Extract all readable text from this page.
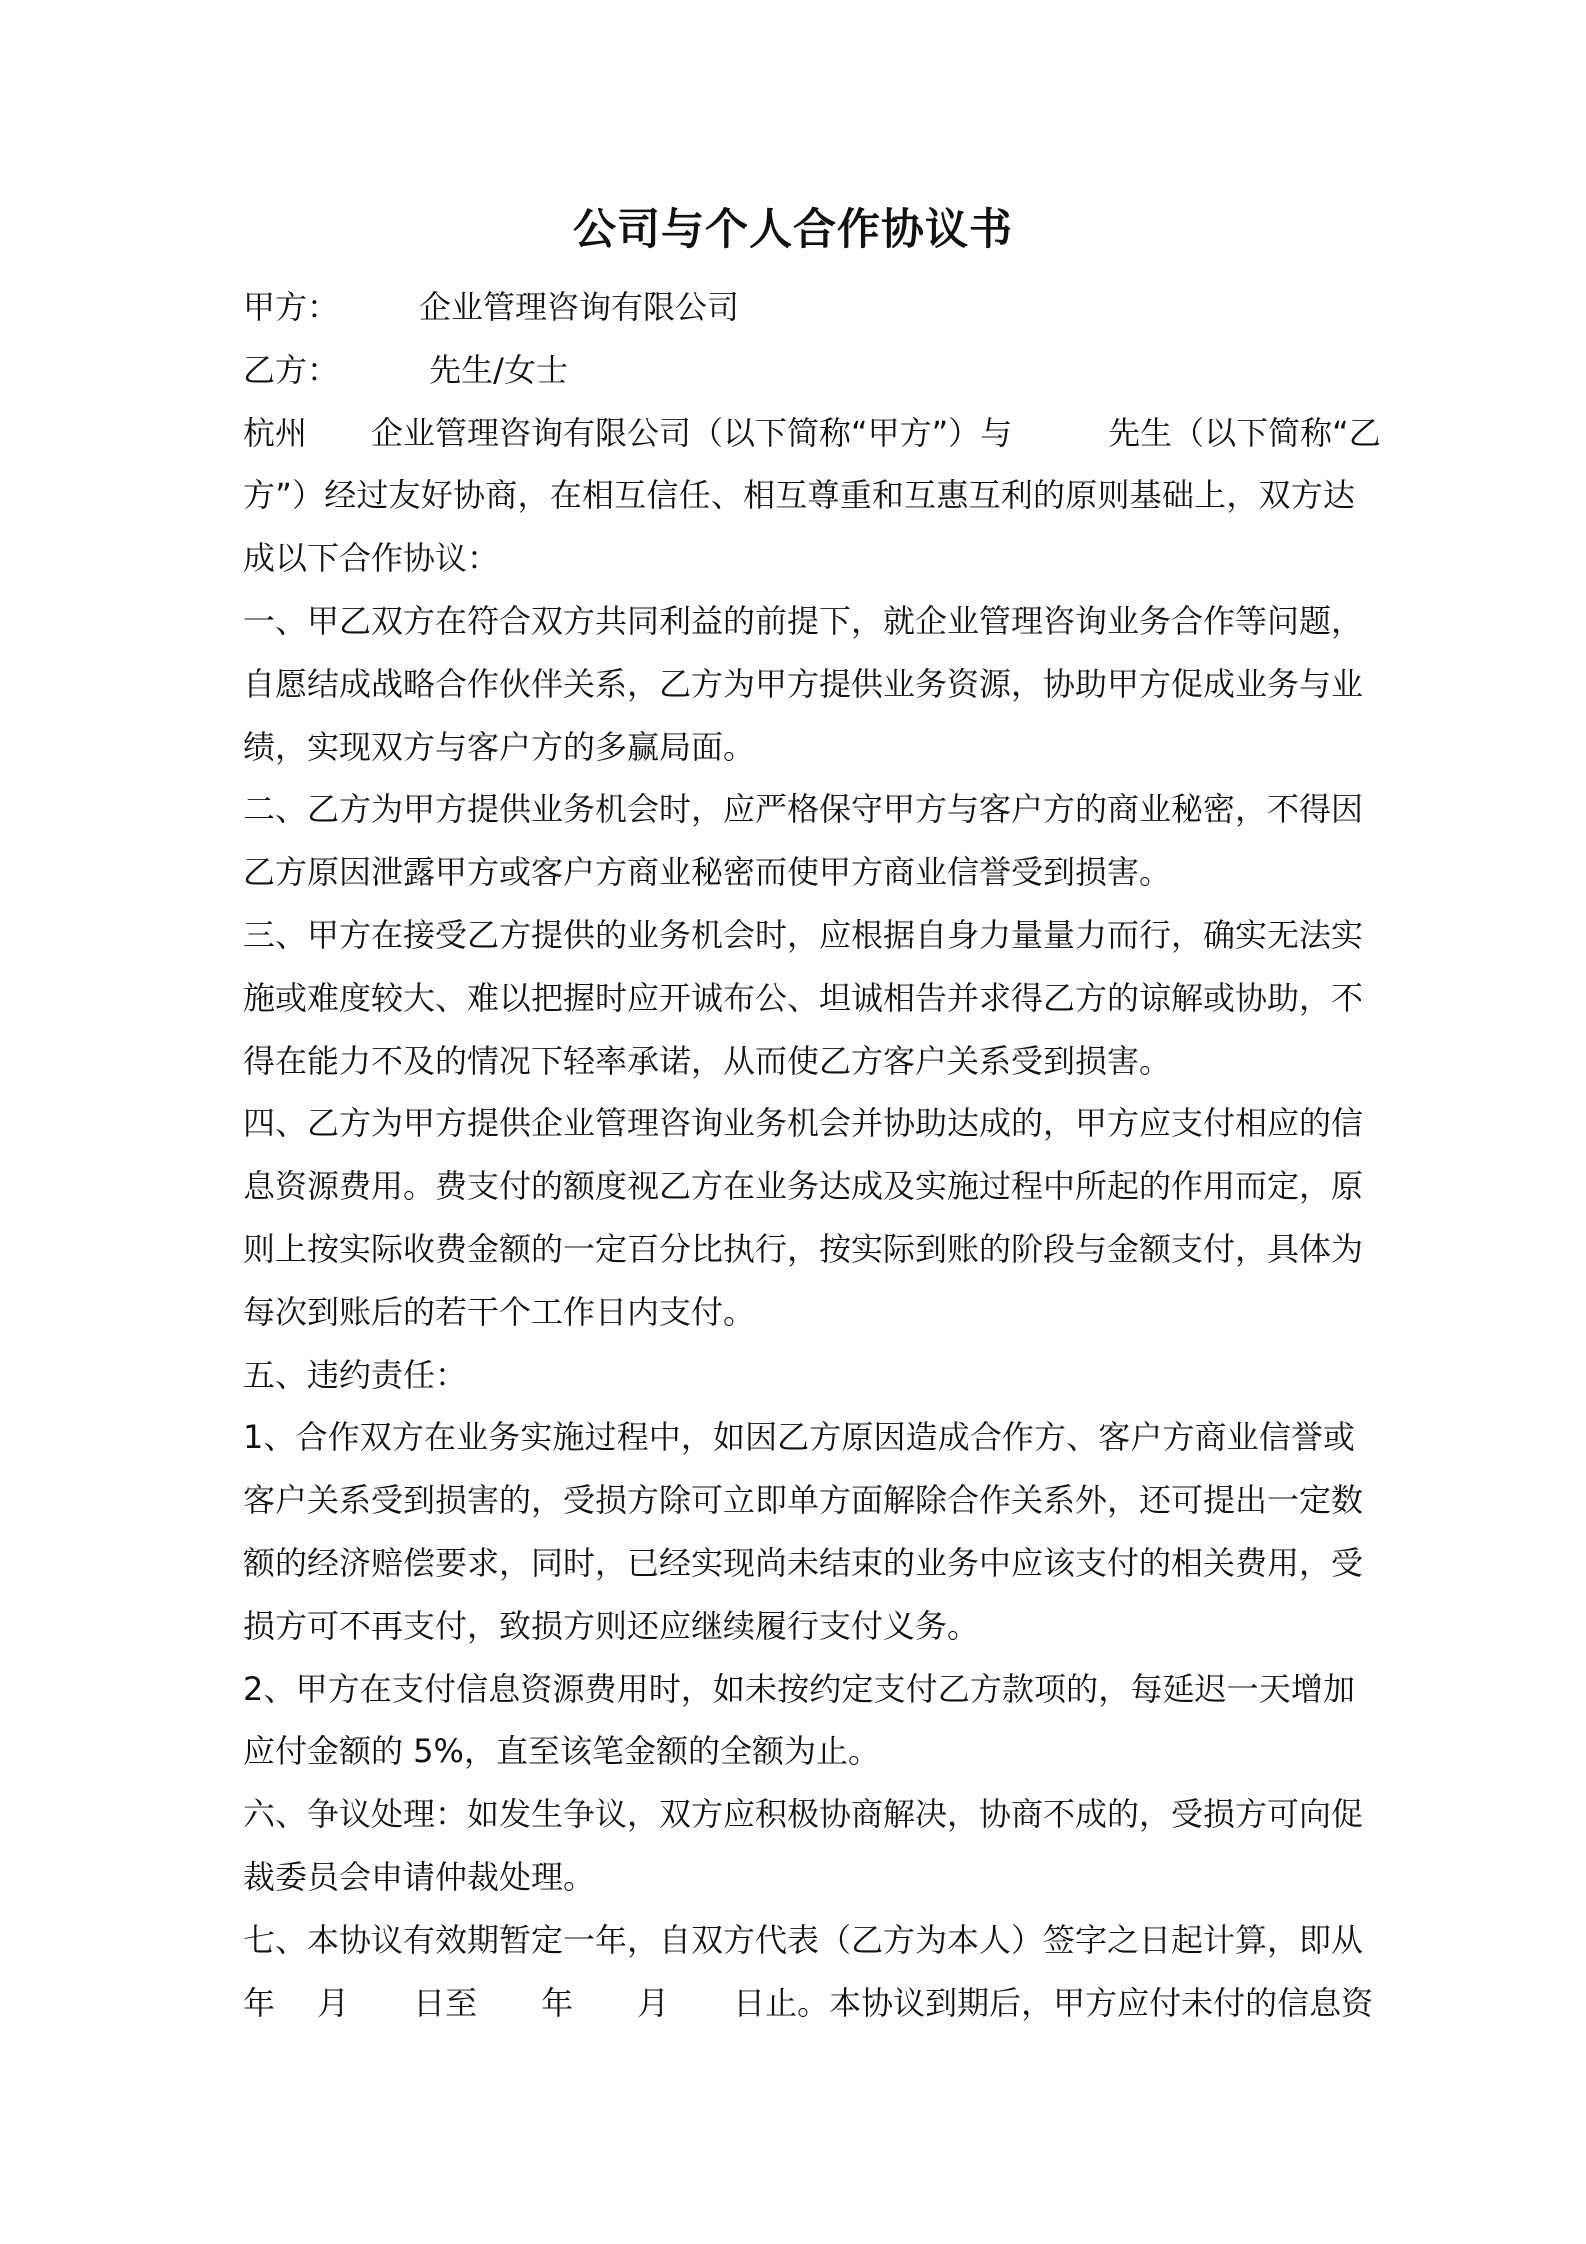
公司与个人合作协议书
甲方：　　　企业管理咨询有限公司
乙方：　　　 先生/女士
杭州　　企业管理咨询有限公司（以下简称“甲方”）与　　　先生（以下简称“乙
方”）经过友好协商，在相互信任、相互尊重和互惠互利的原则基础上，双方达
成以下合作协议：
一、甲乙双方在符合双方共同利益的前提下，就企业管理咨询业务合作等问题，
自愿结成战略合作伙伴关系，乙方为甲方提供业务资源，协助甲方促成业务与业
绩，实现双方与客户方的多赢局面。
二、乙方为甲方提供业务机会时，应严格保守甲方与客户方的商业秘密，不得因
乙方原因泄露甲方或客户方商业秘密而使甲方商业信誉受到损害。
三、甲方在接受乙方提供的业务机会时，应根据自身力量量力而行，确实无法实
施或难度较大、难以把握时应开诚布公、坦诚相告并求得乙方的谅解或协助，不
得在能力不及的情况下轻率承诺，从而使乙方客户关系受到损害。
四、乙方为甲方提供企业管理咨询业务机会并协助达成的，甲方应支付相应的信
息资源费用。费支付的额度视乙方在业务达成及实施过程中所起的作用而定，原
则上按实际收费金额的一定百分比执行，按实际到账的阶段与金额支付，具体为
每次到账后的若干个工作日内支付。
五、违约责任：
1、合作双方在业务实施过程中，如因乙方原因造成合作方、客户方商业信誉或
客户关系受到损害的，受损方除可立即单方面解除合作关系外，还可提出一定数
额的经济赔偿要求，同时，已经实现尚未结束的业务中应该支付的相关费用，受
损方可不再支付，致损方则还应继续履行支付义务。
2、甲方在支付信息资源费用时，如未按约定支付乙方款项的，每延迟一天增加
应付金额的 5%，直至该笔金额的全额为止。
六、争议处理：如发生争议，双方应积极协商解决，协商不成的，受损方可向促
裁委员会申请仲裁处理。
七、本协议有效期暂定一年，自双方代表（乙方为本人）签字之日起计算，即从
年　 月　　日至　　年　　月　　日止。本协议到期后，甲方应付未付的信息资
